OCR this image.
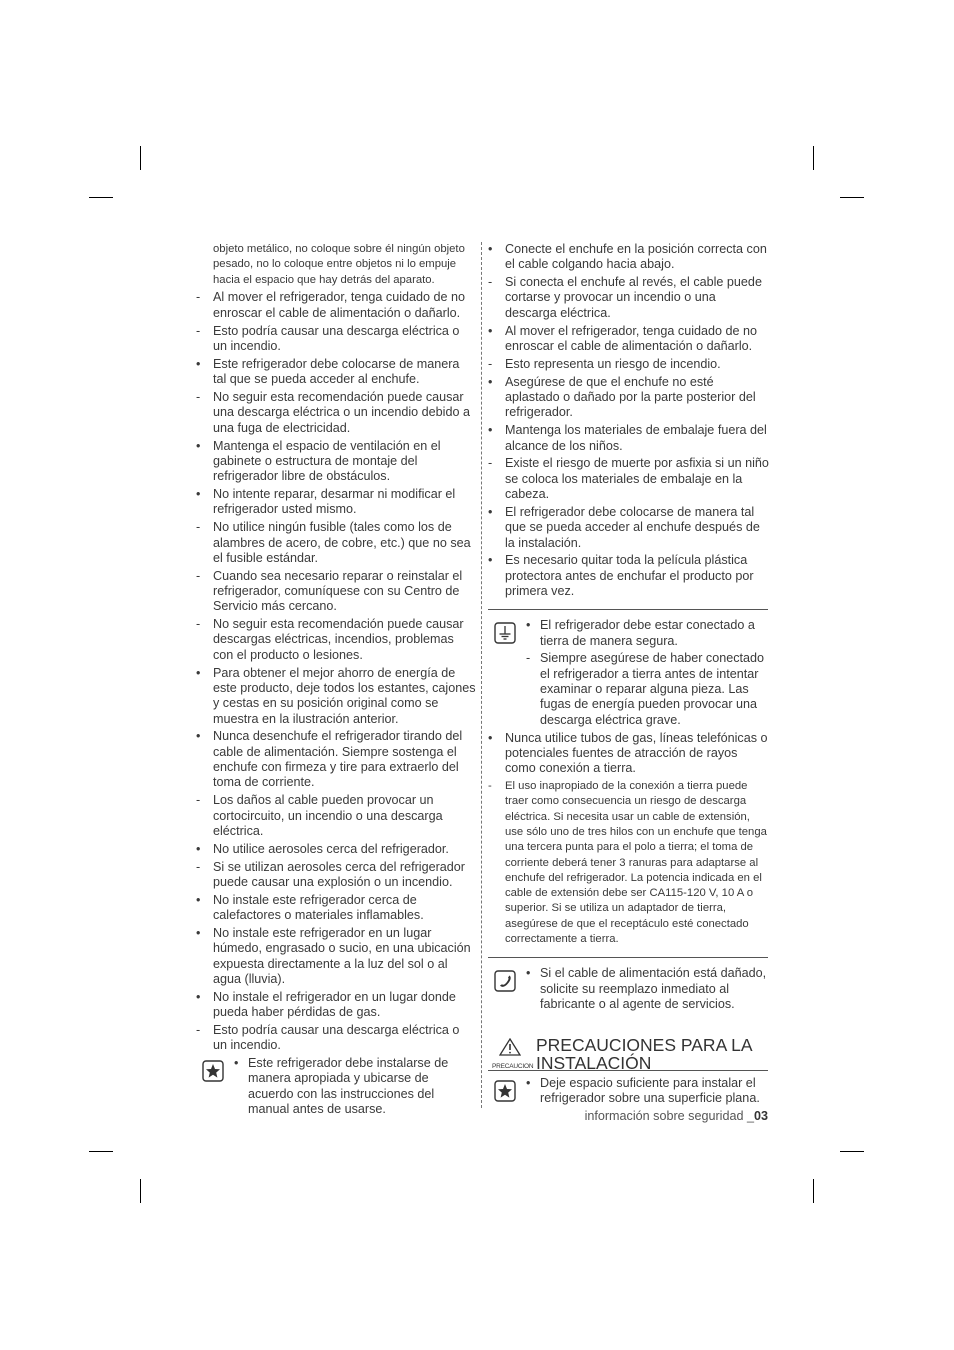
objeto metálico, no coloque sobre él ningún objeto pesado, no lo coloque entre objetos ni lo empuje hacia el espacio que hay detrás del aparato.
-	Al mover el refrigerador, tenga cuidado de no enroscar el cable de alimentación o dañarlo.
-	Esto podría causar una descarga eléctrica o un incendio.
• Este refrigerador debe colocarse de manera tal que se pueda acceder al enchufe.
-	No seguir esta recomendación puede causar una descarga eléctrica o un incendio debido a una fuga de electricidad.
• Mantenga el espacio de ventilación en el gabinete o estructura de montaje del refrigerador libre de obstáculos.
• No intente reparar, desarmar ni modificar el refrigerador usted mismo.
-	No utilice ningún fusible (tales como los de alambres de acero, de cobre, etc.) que no sea el fusible estándar.
-	Cuando sea necesario reparar o reinstalar el refrigerador, comuníquese con su Centro de Servicio más cercano.
-	No seguir esta recomendación puede causar descargas eléctricas, incendios, problemas con el producto o lesiones.
• Para obtener el mejor ahorro de energía de este producto, deje todos los estantes, cajones y cestas en su posición original como se muestra en la ilustración anterior.
• Nunca desenchufe el refrigerador tirando del cable de alimentación. Siempre sostenga el enchufe con firmeza y tire para extraerlo del toma de corriente.
-	Los daños al cable pueden provocar un cortocircuito, un incendio o una descarga eléctrica.
• No utilice aerosoles cerca del refrigerador.
-	Si se utilizan aerosoles cerca del refrigerador puede causar una explosión o un incendio.
• No instale este refrigerador cerca de calefactores o materiales inflamables.
• No instale este refrigerador en un lugar húmedo, engrasado o sucio, en una ubicación expuesta directamente a la luz del sol o al agua (lluvia).
• No instale el refrigerador en un lugar donde pueda haber pérdidas de gas.
-	Esto podría causar una descarga eléctrica o un incendio.
• Este refrigerador debe instalarse de manera apropiada y ubicarse de acuerdo con las instrucciones del manual antes de usarse.
• Conecte el enchufe en la posición correcta con el cable colgando hacia abajo.
-	Si conecta el enchufe al revés, el cable puede cortarse y provocar un incendio o una descarga eléctrica.
• Al mover el refrigerador, tenga cuidado de no enroscar el cable de alimentación o dañarlo.
-	Esto representa un riesgo de incendio.
• Asegúrese de que el enchufe no esté aplastado o dañado por la parte posterior del refrigerador.
• Mantenga los materiales de embalaje fuera del alcance de los niños.
-	Existe el riesgo de muerte por asfixia si un niño se coloca los materiales de embalaje en la cabeza.
• El refrigerador debe colocarse de manera tal que se pueda acceder al enchufe después de la instalación.
• Es necesario quitar toda la película plástica protectora antes de enchufar el producto por primera vez.
• El refrigerador debe estar conectado a tierra de manera segura.
- Siempre asegúrese de haber conectado el refrigerador a tierra antes de intentar examinar o reparar alguna pieza. Las fugas de energía pueden provocar una descarga eléctrica grave.
• Nunca utilice tubos de gas, líneas telefónicas o potenciales fuentes de atracción de rayos como conexión a tierra.
-	El uso inapropiado de la conexión a tierra puede traer como consecuencia un riesgo de descarga eléctrica. Si necesita usar un cable de extensión, use sólo uno de tres hilos con un enchufe que tenga una tercera punta para el polo a tierra; el toma de corriente deberá tener 3 ranuras para adaptarse al enchufe del refrigerador. La potencia indicada en el cable de extensión debe ser CA115-120 V, 10 A o superior. Si se utiliza un adaptador de tierra, asegúrese de que el receptáculo esté conectado correctamente a tierra.
• Si el cable de alimentación está dañado, solicite su reemplazo inmediato al fabricante o al agente de servicios.
PRECAUCION
PRECAUCIONES PARA LA
INSTALACIÓN
• Deje espacio suficiente para instalar el refrigerador sobre una superficie plana.
información sobre seguridad _03
